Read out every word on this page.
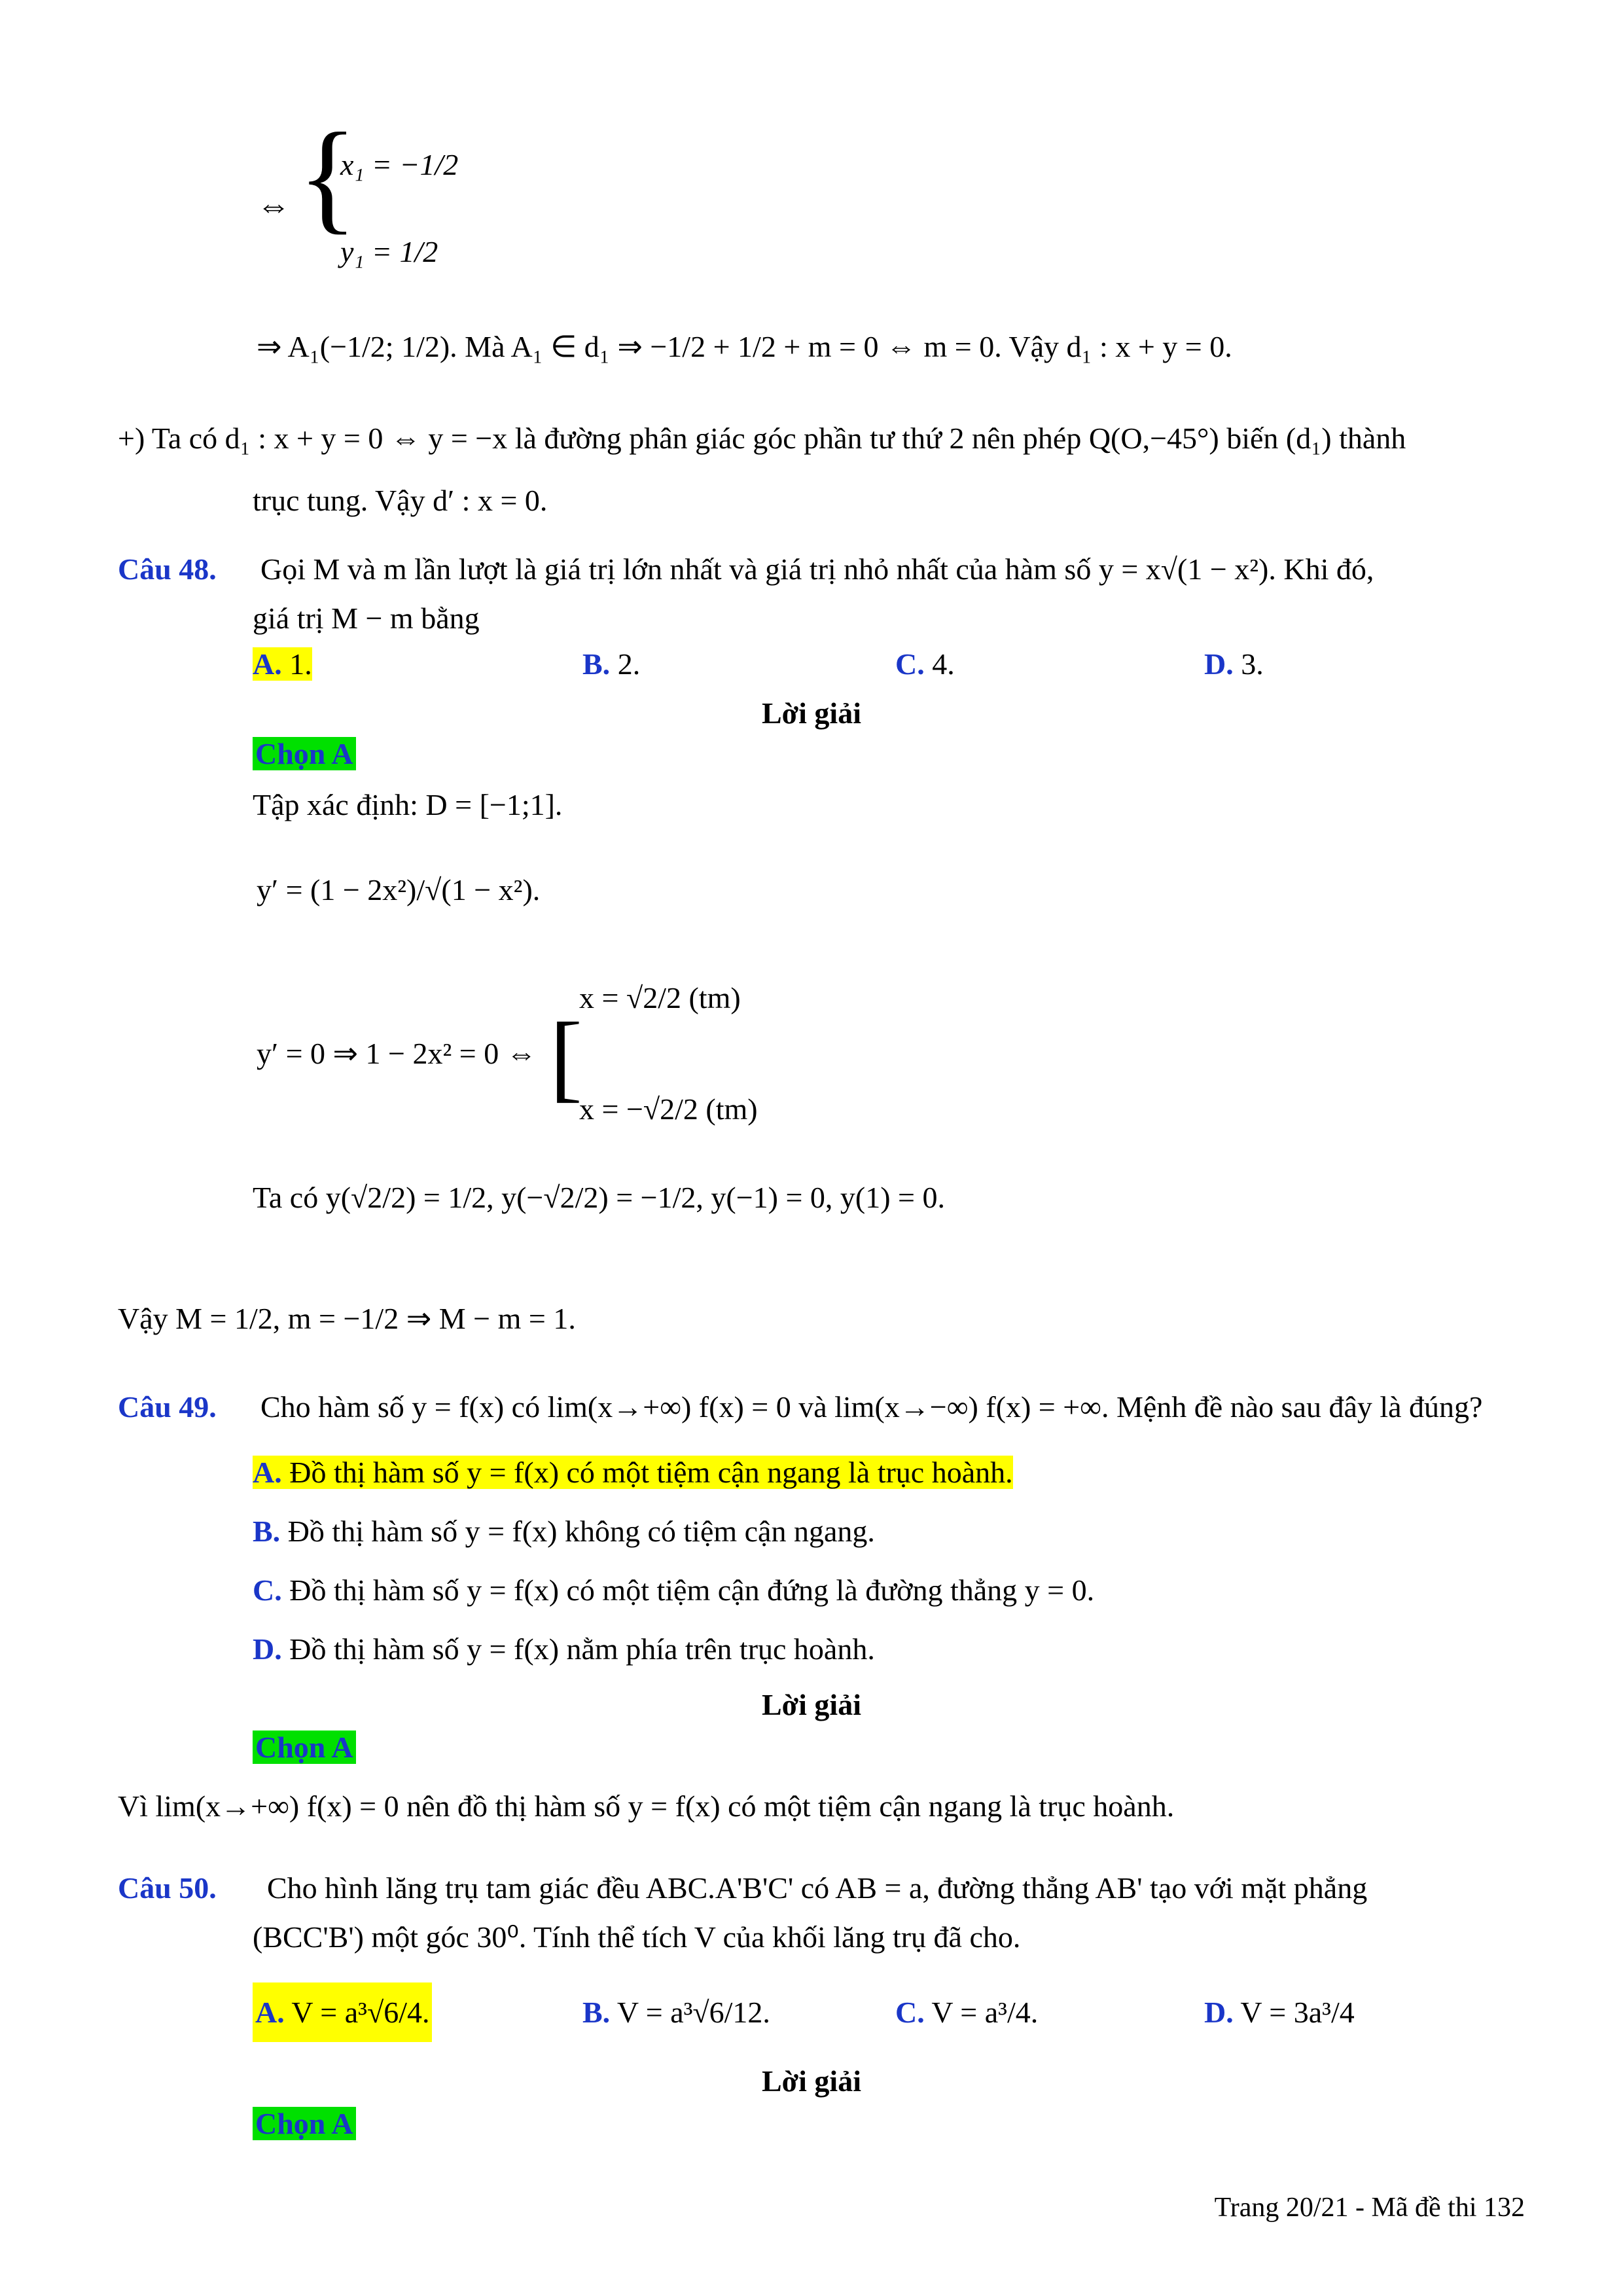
⇔ {
x₁ = −1/2
y₁ = 1/2
⇒ A₁(−1/2; 1/2). Mà A₁ ∈ d₁ ⇒ −1/2 + 1/2 + m = 0 ⇔ m = 0. Vậy d₁ : x + y = 0.
+) Ta có d₁ : x + y = 0 ⇔ y = −x là đường phân giác góc phần tư thứ 2 nên phép Q(O,−45°) biến (d₁) thành
trục tung. Vậy d′ : x = 0.
Câu 48. Gọi M và m lần lượt là giá trị lớn nhất và giá trị nhỏ nhất của hàm số y = x√(1 − x²). Khi đó,
giá trị M − m bằng
A. 1.	B. 2.	C. 4.	D. 3.
Lời giải
Chọn A
Tập xác định: D = [−1;1].
y′ = (1 − 2x²)/√(1 − x²).
[
x = √2/2 (tm)
y′ = 0 ⇒ 1 − 2x² = 0 ⇔
x = −√2/2 (tm)
Ta có y(√2/2) = 1/2, y(−√2/2) = −1/2, y(−1) = 0, y(1) = 0.
Vậy M = 1/2, m = −1/2 ⇒ M − m = 1.
Câu 49. Cho hàm số y = f(x) có lim(x→+∞) f(x) = 0 và lim(x→−∞) f(x) = +∞. Mệnh đề nào sau đây là đúng?
A. Đồ thị hàm số y = f(x) có một tiệm cận ngang là trục hoành.
B. Đồ thị hàm số y = f(x) không có tiệm cận ngang.
C. Đồ thị hàm số y = f(x) có một tiệm cận đứng là đường thẳng y = 0.
D. Đồ thị hàm số y = f(x) nằm phía trên trục hoành.
Lời giải
Chọn A
Vì lim(x→+∞) f(x) = 0 nên đồ thị hàm số y = f(x) có một tiệm cận ngang là trục hoành.
Câu 50. Cho hình lăng trụ tam giác đều ABC.A'B'C' có AB = a, đường thẳng AB' tạo với mặt phẳng
(BCC'B') một góc 30⁰. Tính thể tích V của khối lăng trụ đã cho.
A. V = a³√6/4.	B. V = a³√6/12.	C. V = a³/4.	D. V = 3a³/4
Lời giải
Chọn A
Trang 20/21 - Mã đề thi 132
